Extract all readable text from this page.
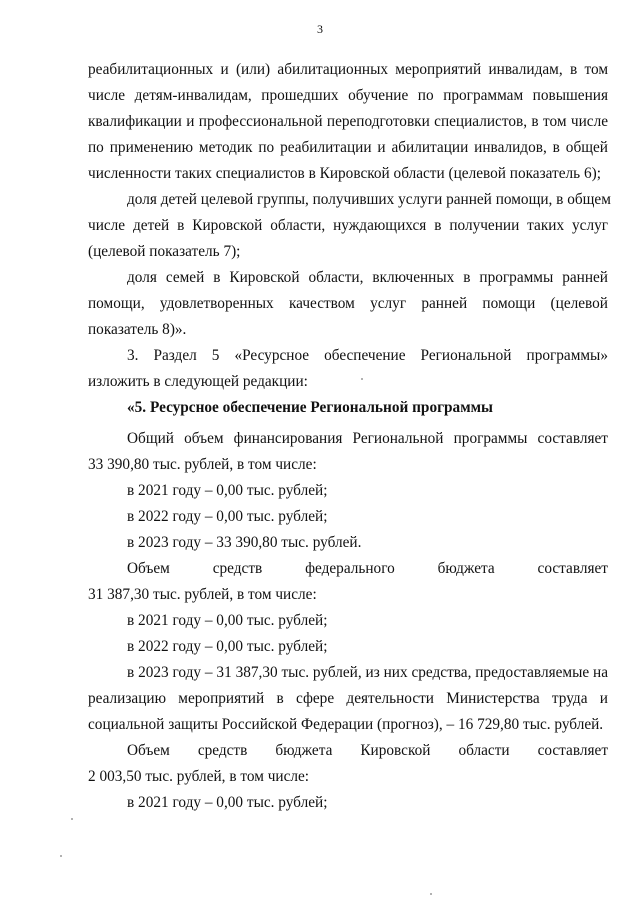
3
реабилитационных и (или) абилитационных мероприятий инвалидам, в том
числе детям-инвалидам, прошедших обучение по программам повышения
квалификации и профессиональной переподготовки специалистов, в том числе
по применению методик по реабилитации и абилитации инвалидов, в общей
численности таких специалистов в Кировской области (целевой показатель 6);
доля детей целевой группы, получивших услуги ранней помощи, в общем
числе детей в Кировской области, нуждающихся в получении таких услуг
(целевой показатель 7);
доля семей в Кировской области, включенных в программы ранней
помощи, удовлетворенных качеством услуг ранней помощи (целевой
показатель 8)».
3. Раздел 5 «Ресурсное обеспечение Региональной программы»
изложить в следующей редакции:
«5. Ресурсное обеспечение Региональной программы
Общий объем финансирования Региональной программы составляет
33 390,80 тыс. рублей, в том числе:
в 2021 году – 0,00 тыс. рублей;
в 2022 году – 0,00 тыс. рублей;
в 2023 году – 33 390,80 тыс. рублей.
Объем средств федерального бюджета составляет
31 387,30 тыс. рублей, в том числе:
в 2021 году – 0,00 тыс. рублей;
в 2022 году – 0,00 тыс. рублей;
в 2023 году – 31 387,30 тыс. рублей, из них средства, предоставляемые на
реализацию мероприятий в сфере деятельности Министерства труда и
социальной защиты Российской Федерации (прогноз), – 16 729,80 тыс. рублей.
Объем средств бюджета Кировской области составляет
2 003,50 тыс. рублей, в том числе:
в 2021 году – 0,00 тыс. рублей;
